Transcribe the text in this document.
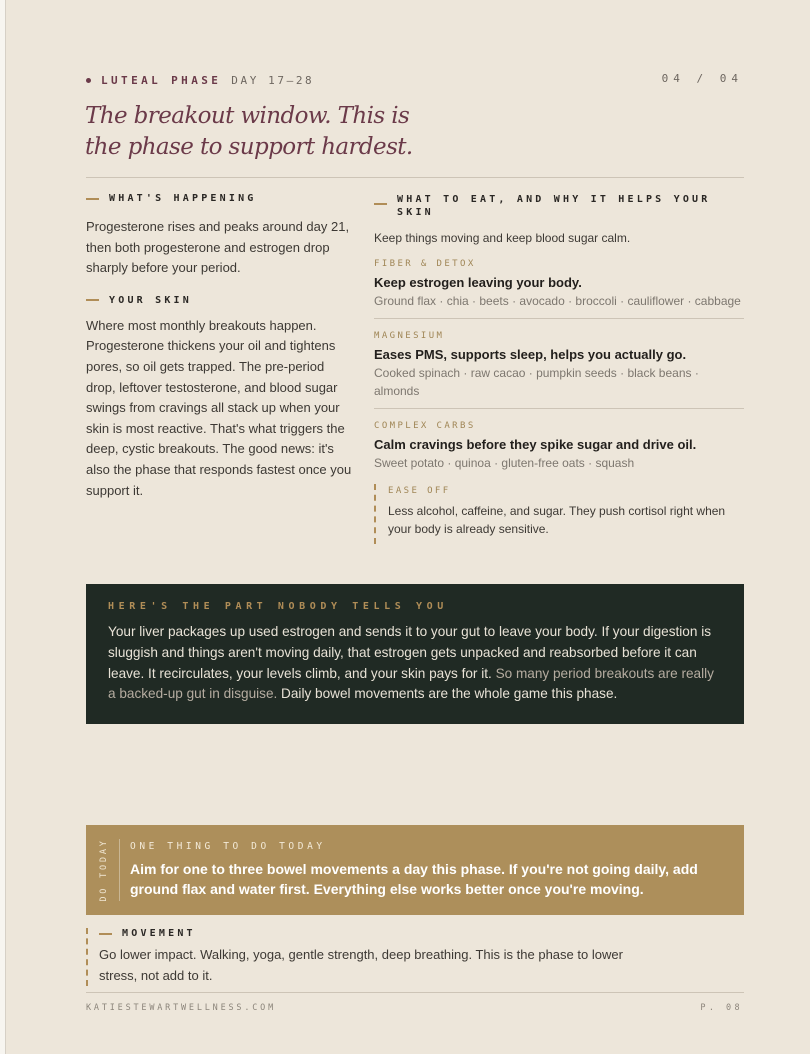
LUTEAL PHASE DAY 17–28	04 / 04
The breakout window. This is the phase to support hardest.
WHAT'S HAPPENING
Progesterone rises and peaks around day 21, then both progesterone and estrogen drop sharply before your period.
YOUR SKIN
Where most monthly breakouts happen. Progesterone thickens your oil and tightens pores, so oil gets trapped. The pre-period drop, leftover testosterone, and blood sugar swings from cravings all stack up when your skin is most reactive. That's what triggers the deep, cystic breakouts. The good news: it's also the phase that responds fastest once you support it.
WHAT TO EAT, AND WHY IT HELPS YOUR SKIN
Keep things moving and keep blood sugar calm.
FIBER & DETOX
Keep estrogen leaving your body.
Ground flax · chia · beets · avocado · broccoli · cauliflower · cabbage
MAGNESIUM
Eases PMS, supports sleep, helps you actually go.
Cooked spinach · raw cacao · pumpkin seeds · black beans · almonds
COMPLEX CARBS
Calm cravings before they spike sugar and drive oil.
Sweet potato · quinoa · gluten-free oats · squash
EASE OFF
Less alcohol, caffeine, and sugar. They push cortisol right when your body is already sensitive.
HERE'S THE PART NOBODY TELLS YOU
Your liver packages up used estrogen and sends it to your gut to leave your body. If your digestion is sluggish and things aren't moving daily, that estrogen gets unpacked and reabsorbed before it can leave. It recirculates, your levels climb, and your skin pays for it. So many period breakouts are really a backed-up gut in disguise. Daily bowel movements are the whole game this phase.
DO TODAY ONE THING TO DO TODAY
Aim for one to three bowel movements a day this phase. If you're not going daily, add ground flax and water first. Everything else works better once you're moving.
MOVEMENT
Go lower impact. Walking, yoga, gentle strength, deep breathing. This is the phase to lower stress, not add to it.
KATIESTEWARTWELLNESS.COM	P. 08
